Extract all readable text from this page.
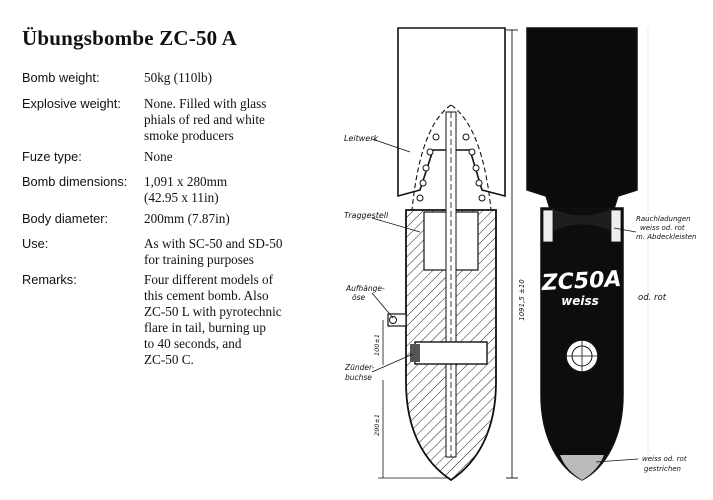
Übungsbombe ZC-50 A
Bomb weight:	50kg (110lb)
Explosive weight:	None. Filled with glass
phials of red and white
smoke producers
Fuze type:	None
Bomb dimensions:	1,091 x 280mm
(42.95 x 11in)
Body diameter:	200mm (7.87in)
Use:	As with SC-50 and SD-50
for training purposes
Remarks:	Four different models of
this cement bomb. Also
ZC-50 L with pyrotechnic
flare in tail, burning up
to 40 seconds, and
ZC-50 C.
Leitwerk
Traggestell
Aufhänge-
öse
Zünder-
buchse
Rauchladungen
weiss od. rot
m. Abdeckleisten
od. rot
weiss od. rot
gestrichen
ZC50A
weiss
1091,5 ±10
100±1
290±1
